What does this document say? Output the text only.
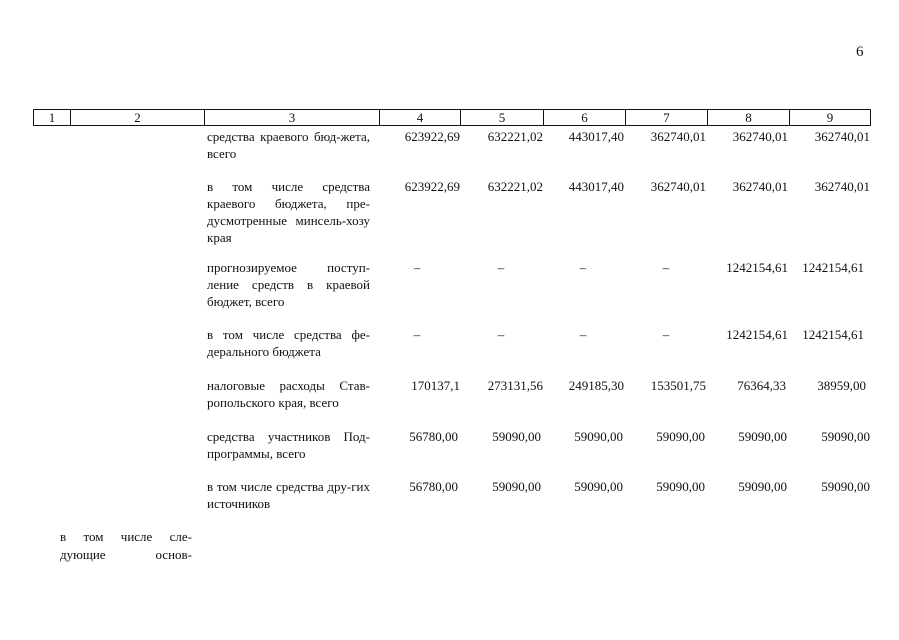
6
1	2	3	4	5	6	7	8	9
средства краевого бюд-жета, всего
623922,69	632221,02	443017,40	362740,01	362740,01	362740,01
в том числе средства краевого бюджета, пре-дусмотренные минсель-хозу края
623922,69	632221,02	443017,40	362740,01	362740,01	362740,01
прогнозируемое поступ-ление средств в краевой бюджет, всего
–	–	–	–	1242154,61	1242154,61
в том числе средства фе-дерального бюджета
–	–	–	–	1242154,61	1242154,61
налоговые расходы Став-ропольского края, всего
170137,1	273131,56	249185,30	153501,75	76364,33	38959,00
средства участников Под-программы, всего
56780,00	59090,00	59090,00	59090,00	59090,00	59090,00
в том числе средства дру-гих источников
56780,00	59090,00	59090,00	59090,00	59090,00	59090,00
в том числе сле-дующие основ-
